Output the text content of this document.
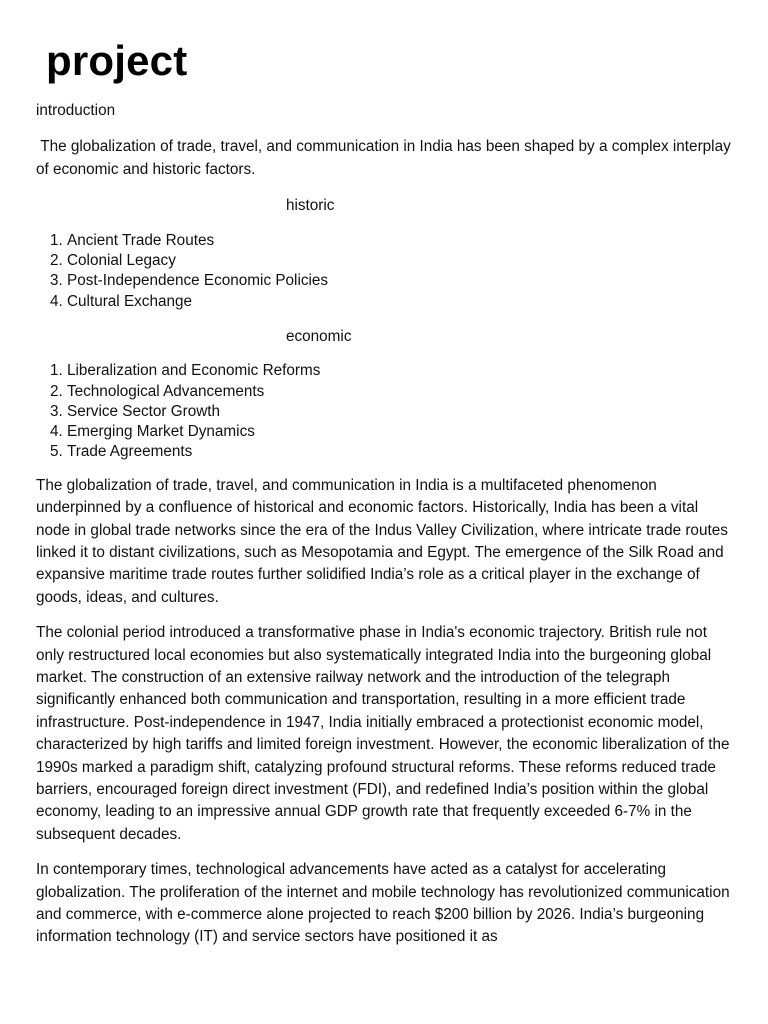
project

introduction

The globalization of trade, travel, and communication in India has been shaped by a complex interplay of economic and historic factors.

historic

1. Ancient Trade Routes
2. Colonial Legacy
3. Post-Independence Economic Policies
4. Cultural Exchange

economic

1. Liberalization and Economic Reforms
2. Technological Advancements
3. Service Sector Growth
4. Emerging Market Dynamics
5. Trade Agreements

The globalization of trade, travel, and communication in India is a multifaceted phenomenon underpinned by a confluence of historical and economic factors. Historically, India has been a vital node in global trade networks since the era of the Indus Valley Civilization, where intricate trade routes linked it to distant civilizations, such as Mesopotamia and Egypt. The emergence of the Silk Road and expansive maritime trade routes further solidified India’s role as a critical player in the exchange of goods, ideas, and cultures.

The colonial period introduced a transformative phase in India's economic trajectory. British rule not only restructured local economies but also systematically integrated India into the burgeoning global market. The construction of an extensive railway network and the introduction of the telegraph significantly enhanced both communication and transportation, resulting in a more efficient trade infrastructure. Post-independence in 1947, India initially embraced a protectionist economic model, characterized by high tariffs and limited foreign investment. However, the economic liberalization of the 1990s marked a paradigm shift, catalyzing profound structural reforms. These reforms reduced trade barriers, encouraged foreign direct investment (FDI), and redefined India’s position within the global economy, leading to an impressive annual GDP growth rate that frequently exceeded 6-7% in the subsequent decades.

In contemporary times, technological advancements have acted as a catalyst for accelerating globalization. The proliferation of the internet and mobile technology has revolutionized communication and commerce, with e-commerce alone projected to reach $200 billion by 2026. India’s burgeoning information technology (IT) and service sectors have positioned it as
